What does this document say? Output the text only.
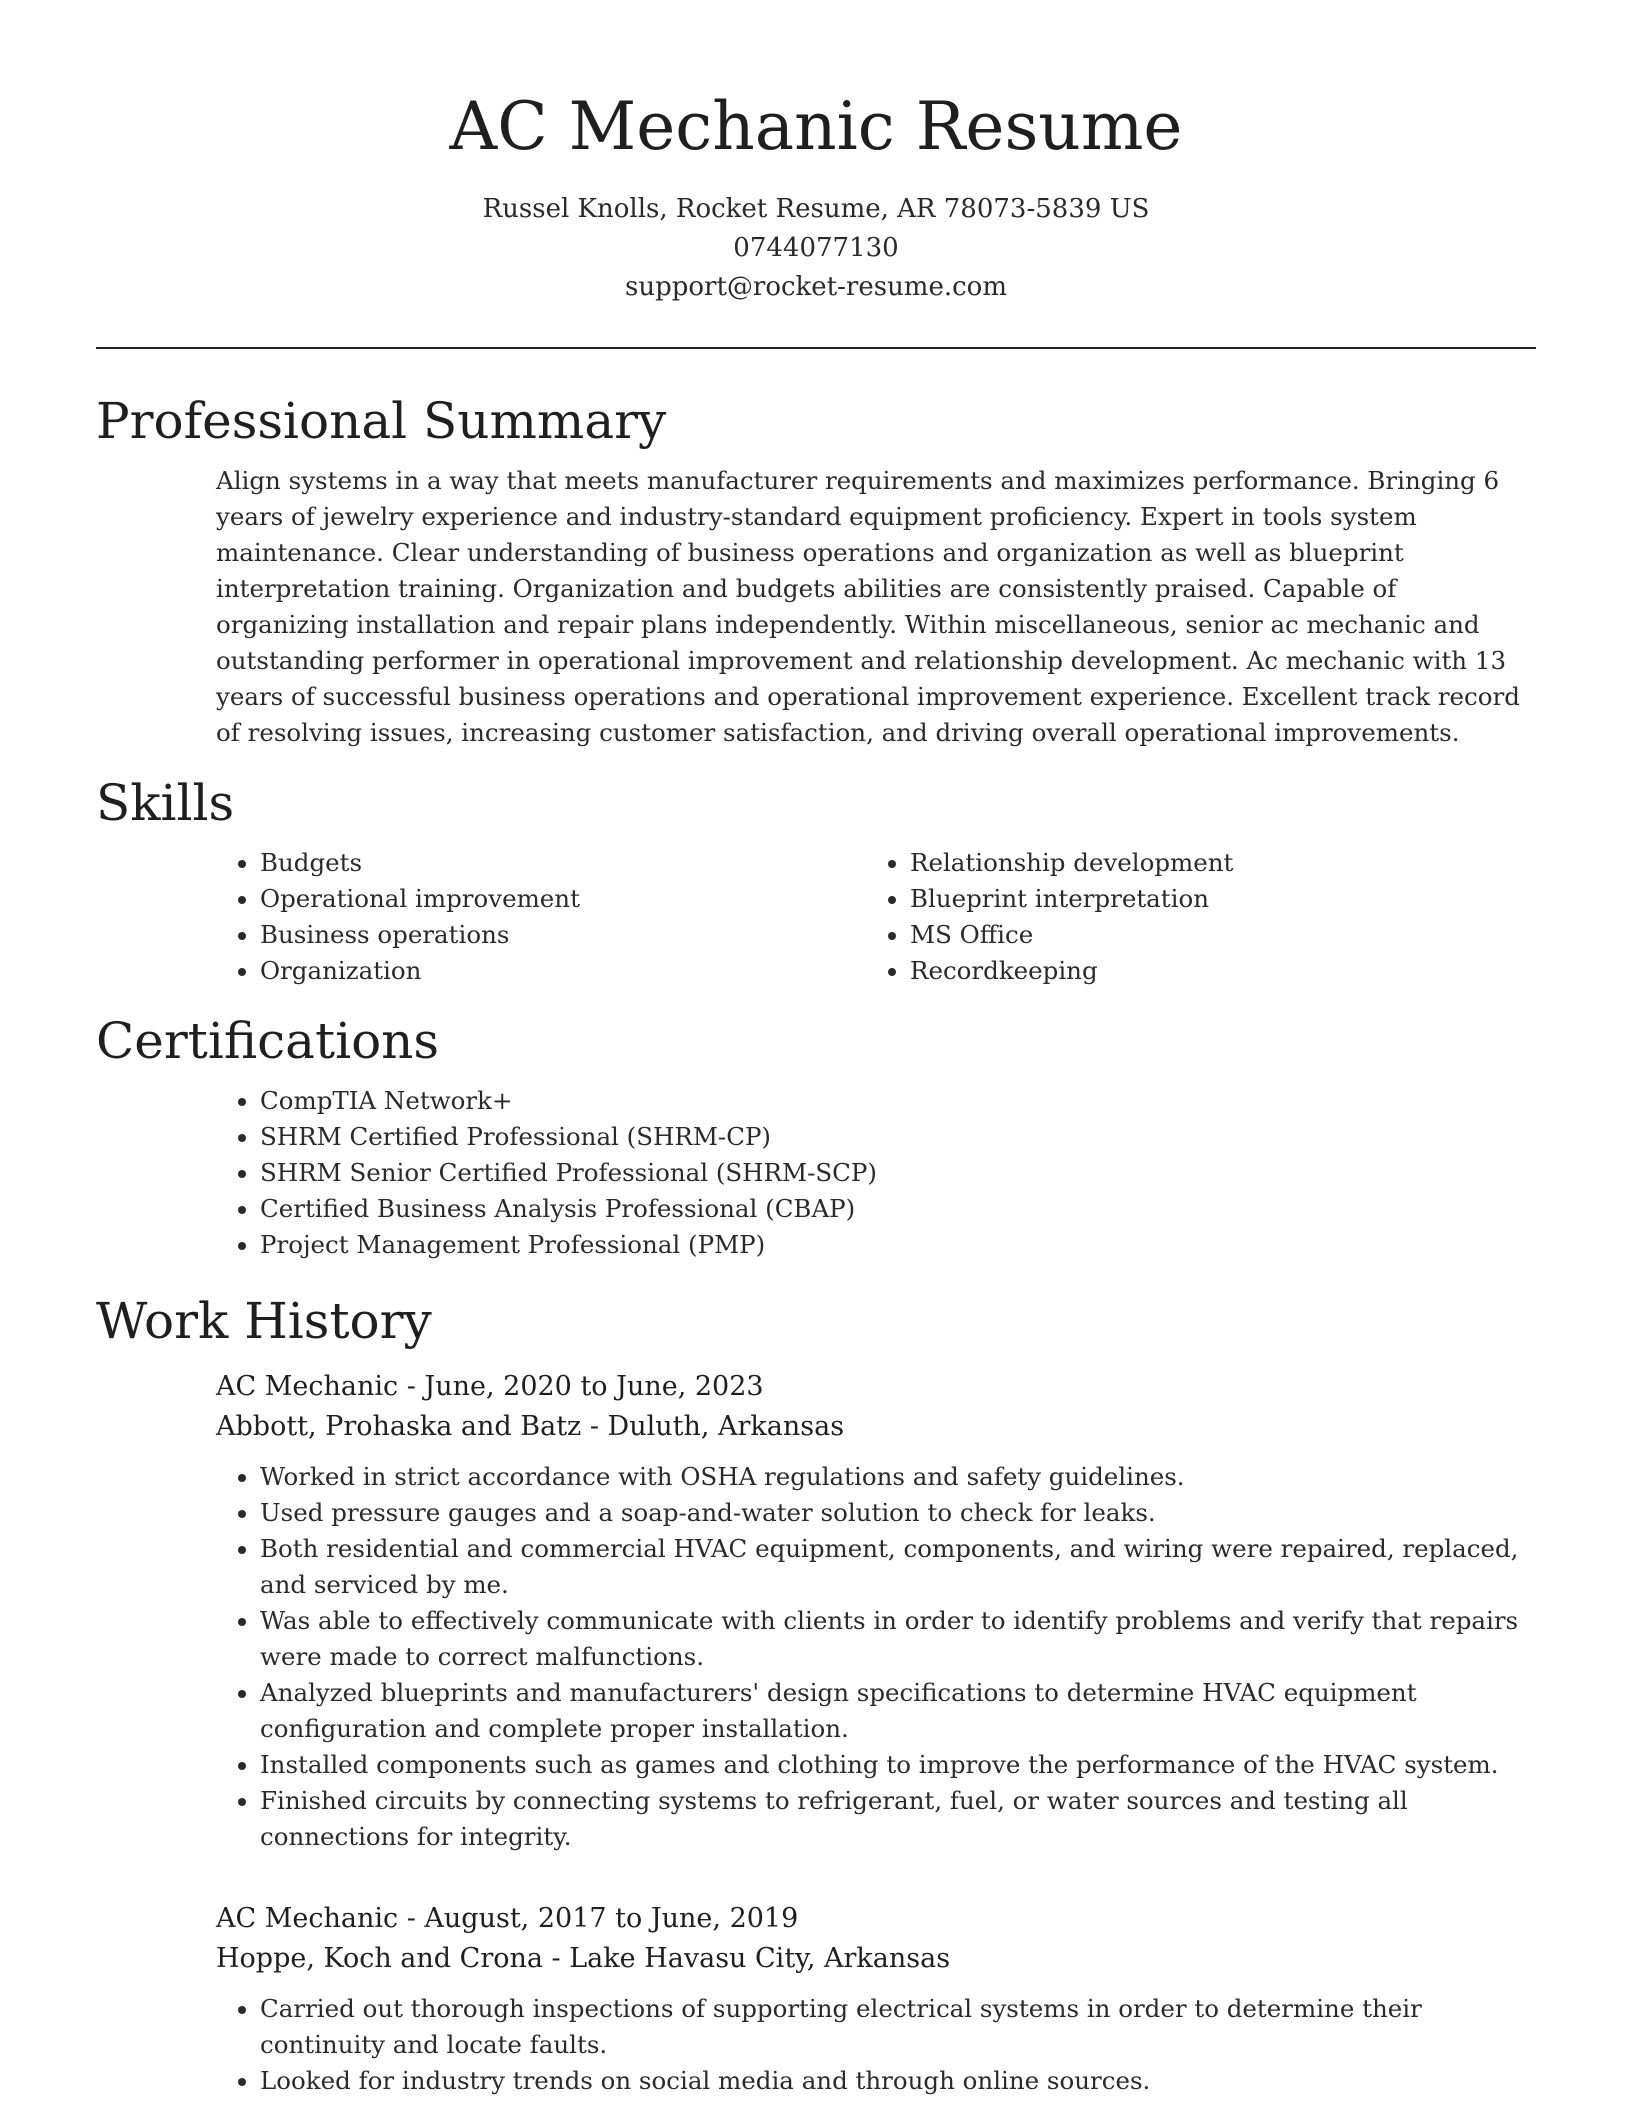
AC Mechanic Resume

Russel Knolls, Rocket Resume, AR 78073-5839 US

0744077130

support@rocket-resume.com

Professional Summary
Align systems in a way that meets manufacturer requirements and maximizes performance. Bringing 6 years of jewelry experience and industry-standard equipment proficiency. Expert in tools system maintenance. Clear understanding of business operations and organization as well as blueprint interpretation training. Organization and budgets abilities are consistently praised. Capable of organizing installation and repair plans independently. Within miscellaneous, senior ac mechanic and outstanding performer in operational improvement and relationship development. Ac mechanic with 13 years of successful business operations and operational improvement experience. Excellent track record of resolving issues, increasing customer satisfaction, and driving overall operational improvements.
Skills
• Budgets
• Operational improvement
• Business operations
• Organization
• Relationship development
• Blueprint interpretation
• MS Office
• Recordkeeping
Certifications
• CompTIA Network+
• SHRM Certified Professional (SHRM-CP)
• SHRM Senior Certified Professional (SHRM-SCP)
• Certified Business Analysis Professional (CBAP)
• Project Management Professional (PMP)
Work History
AC Mechanic - June, 2020 to June, 2023
Abbott, Prohaska and Batz - Duluth, Arkansas
• Worked in strict accordance with OSHA regulations and safety guidelines.
• Used pressure gauges and a soap-and-water solution to check for leaks.
• Both residential and commercial HVAC equipment, components, and wiring were repaired, replaced, and serviced by me.
• Was able to effectively communicate with clients in order to identify problems and verify that repairs were made to correct malfunctions.
• Analyzed blueprints and manufacturers' design specifications to determine HVAC equipment configuration and complete proper installation.
• Installed components such as games and clothing to improve the performance of the HVAC system.
• Finished circuits by connecting systems to refrigerant, fuel, or water sources and testing all connections for integrity.
AC Mechanic - August, 2017 to June, 2019
Hoppe, Koch and Crona - Lake Havasu City, Arkansas
• Carried out thorough inspections of supporting electrical systems in order to determine their continuity and locate faults.
• Looked for industry trends on social media and through online sources.
